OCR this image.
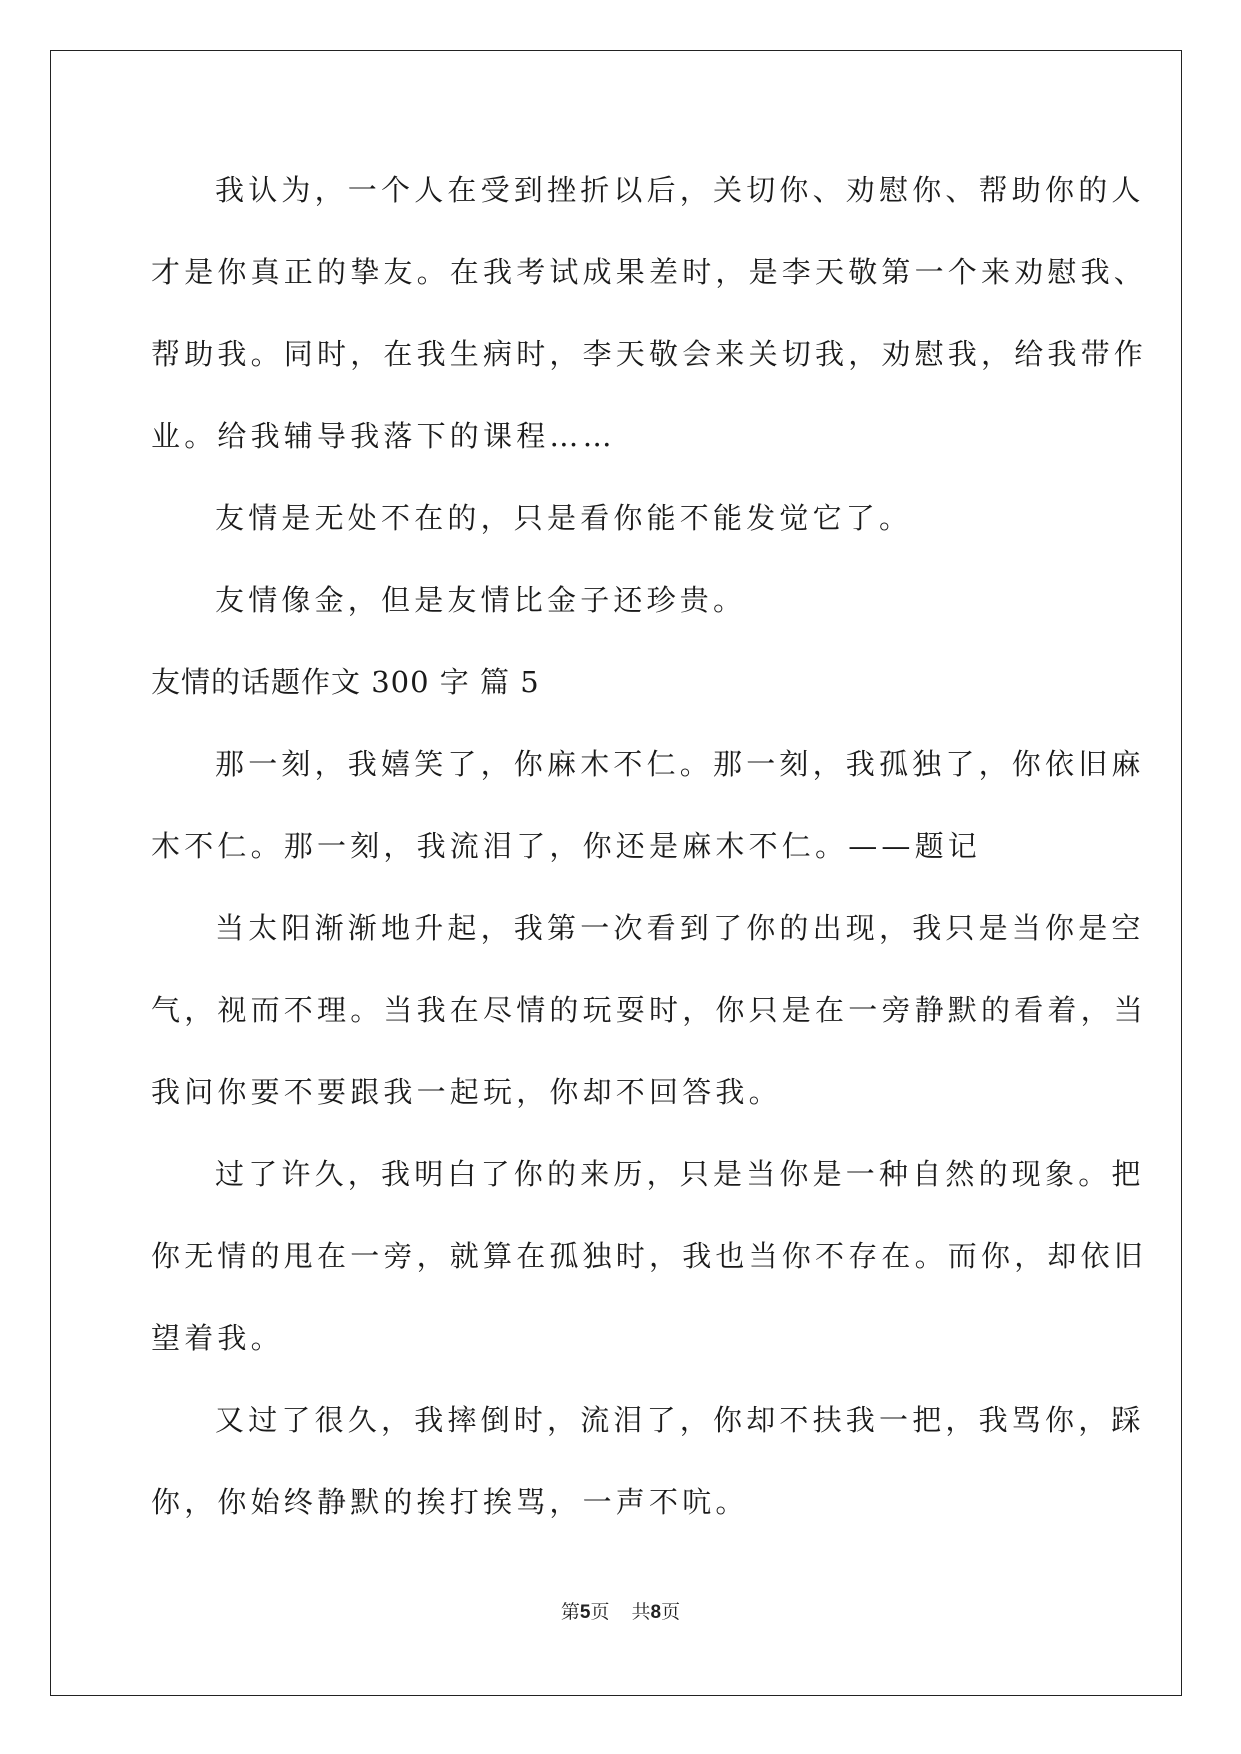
我认为，一个人在受到挫折以后，关切你、劝慰你、帮助你的人
才是你真正的挚友。在我考试成果差时，是李天敬第一个来劝慰我、
帮助我。同时，在我生病时，李天敬会来关切我，劝慰我，给我带作
业。给我辅导我落下的课程……
友情是无处不在的，只是看你能不能发觉它了。
友情像金，但是友情比金子还珍贵。
友情的话题作文 300 字 篇 5
那一刻，我嬉笑了，你麻木不仁。那一刻，我孤独了，你依旧麻
木不仁。那一刻，我流泪了，你还是麻木不仁。——题记
当太阳渐渐地升起，我第一次看到了你的出现，我只是当你是空
气，视而不理。当我在尽情的玩耍时，你只是在一旁静默的看着，当
我问你要不要跟我一起玩，你却不回答我。
过了许久，我明白了你的来历，只是当你是一种自然的现象。把
你无情的甩在一旁，就算在孤独时，我也当你不存在。而你，却依旧
望着我。
又过了很久，我摔倒时，流泪了，你却不扶我一把，我骂你，踩
你，你始终静默的挨打挨骂，一声不吭。
第5页 共8页
